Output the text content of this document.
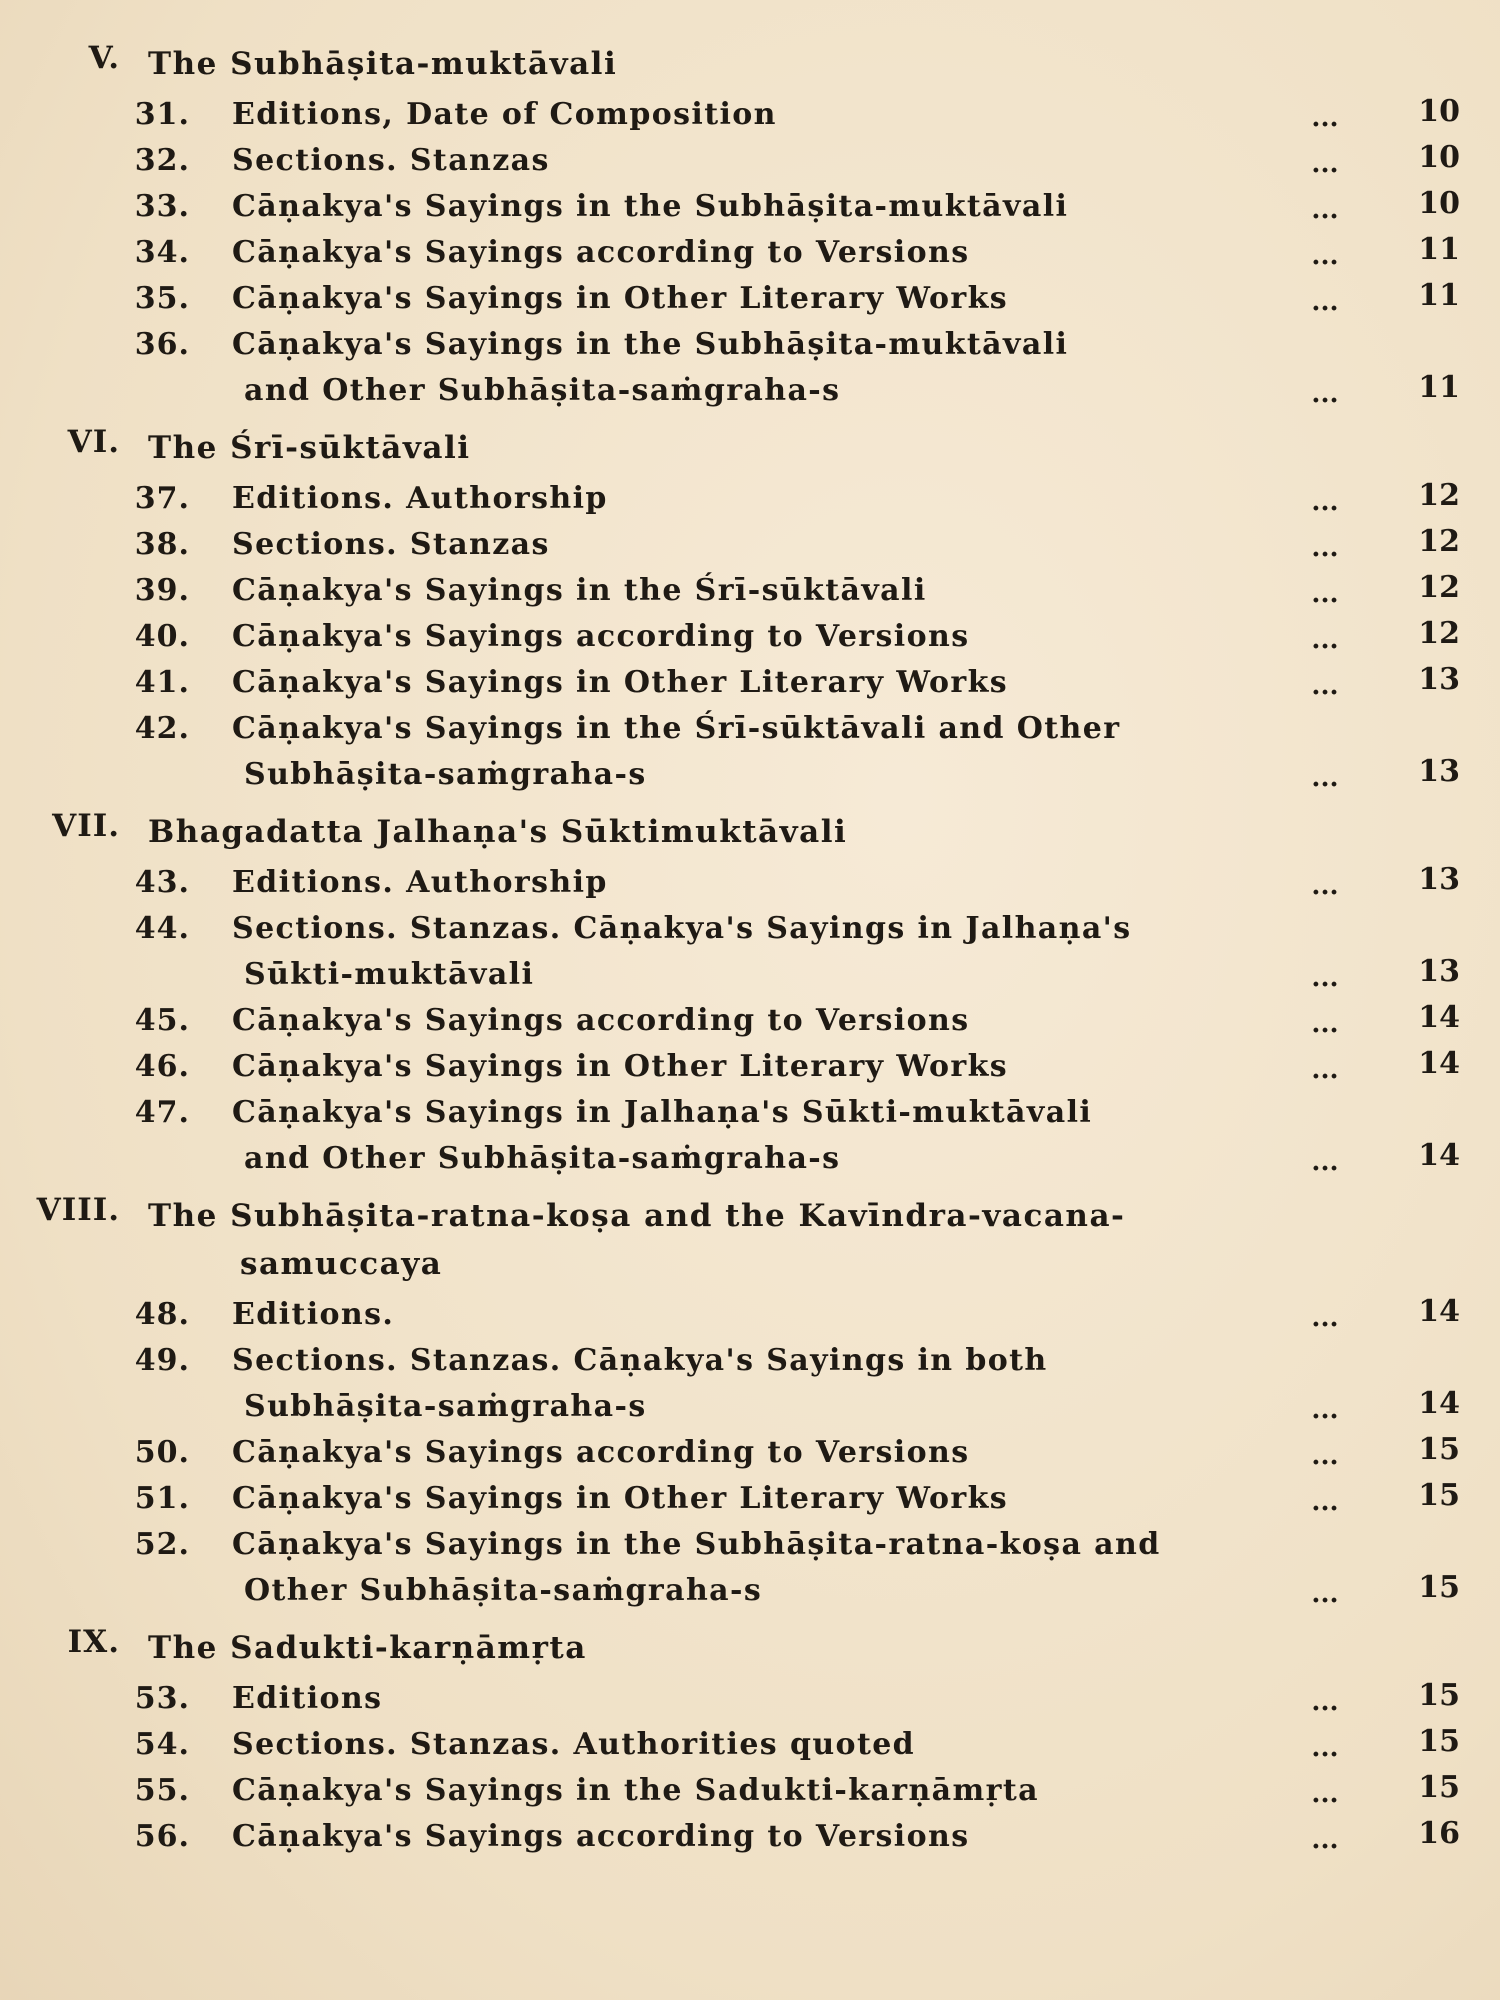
V. The Subhāṣita-muktāvali
31. Editions, Date of Composition	...	10
32. Sections. Stanzas	...	10
33. Cāṇakya's Sayings in the Subhāṣita-muktāvali	...	10
34. Cāṇakya's Sayings according to Versions	...	11
35. Cāṇakya's Sayings in Other Literary Works	...	11
36. Cāṇakya's Sayings in the Subhāṣita-muktāvali
and Other Subhāṣita-saṁgraha-s	...	11
VI. The Śrī-sūktāvali
37. Editions. Authorship	...	12
38. Sections. Stanzas	...	12
39. Cāṇakya's Sayings in the Śrī-sūktāvali	...	12
40. Cāṇakya's Sayings according to Versions	...	12
41. Cāṇakya's Sayings in Other Literary Works	...	13
42. Cāṇakya's Sayings in the Śrī-sūktāvali and Other
Subhāṣita-saṁgraha-s	...	13
VII. Bhagadatta Jalhaṇa's Sūktimuktāvali
43. Editions. Authorship	...	13
44. Sections. Stanzas. Cāṇakya's Sayings in Jalhaṇa's
Sūkti-muktāvali	...	13
45. Cāṇakya's Sayings according to Versions	...	14
46. Cāṇakya's Sayings in Other Literary Works	...	14
47. Cāṇakya's Sayings in Jalhaṇa's Sūkti-muktāvali
and Other Subhāṣita-saṁgraha-s	...	14
VIII. The Subhāṣita-ratna-koṣa and the Kavīndra-vacana-
samuccaya
48. Editions.	...	14
49. Sections. Stanzas. Cāṇakya's Sayings in both
Subhāṣita-saṁgraha-s	...	14
50. Cāṇakya's Sayings according to Versions	...	15
51. Cāṇakya's Sayings in Other Literary Works	...	15
52. Cāṇakya's Sayings in the Subhāṣita-ratna-koṣa and
Other Subhāṣita-saṁgraha-s	...	15
IX. The Sadukti-karṇāmṛta
53. Editions	...	15
54. Sections. Stanzas. Authorities quoted	...	15
55. Cāṇakya's Sayings in the Sadukti-karṇāmṛta	...	15
56. Cāṇakya's Sayings according to Versions	...	16
